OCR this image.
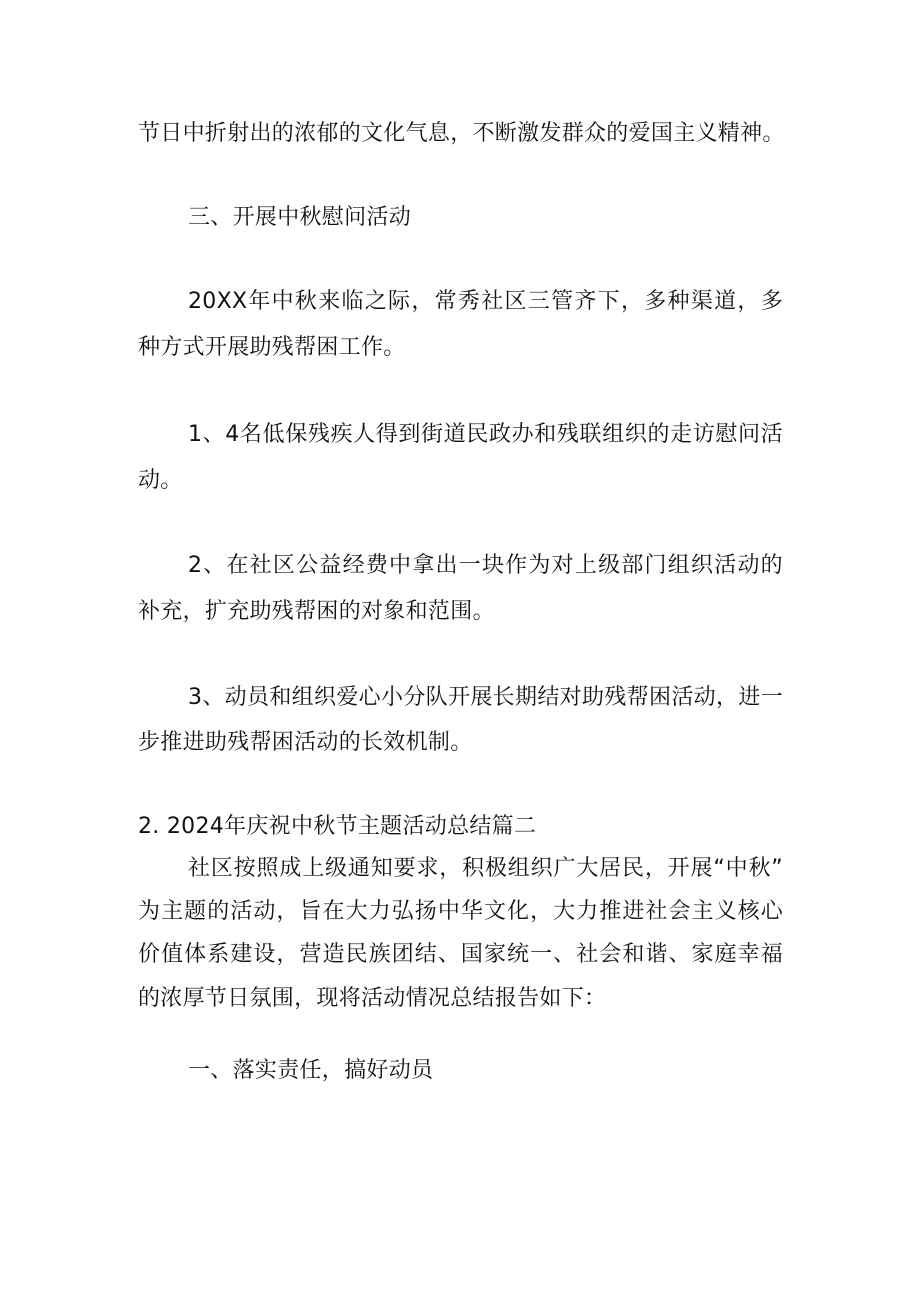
节日中折射出的浓郁的文化气息，不断激发群众的爱国主义精神。
三、开展中秋慰问活动
20XX年中秋来临之际，常秀社区三管齐下，多种渠道，多
种方式开展助残帮困工作。
1、4名低保残疾人得到街道民政办和残联组织的走访慰问活
动。
2、在社区公益经费中拿出一块作为对上级部门组织活动的
补充，扩充助残帮困的对象和范围。
3、动员和组织爱心小分队开展长期结对助残帮困活动，进一
步推进助残帮困活动的长效机制。
2. 2024年庆祝中秋节主题活动总结篇二
社区按照成上级通知要求，积极组织广大居民，开展“中秋”
为主题的活动，旨在大力弘扬中华文化，大力推进社会主义核心
价值体系建设，营造民族团结、国家统一、社会和谐、家庭幸福
的浓厚节日氛围，现将活动情况总结报告如下：
一、落实责任，搞好动员
